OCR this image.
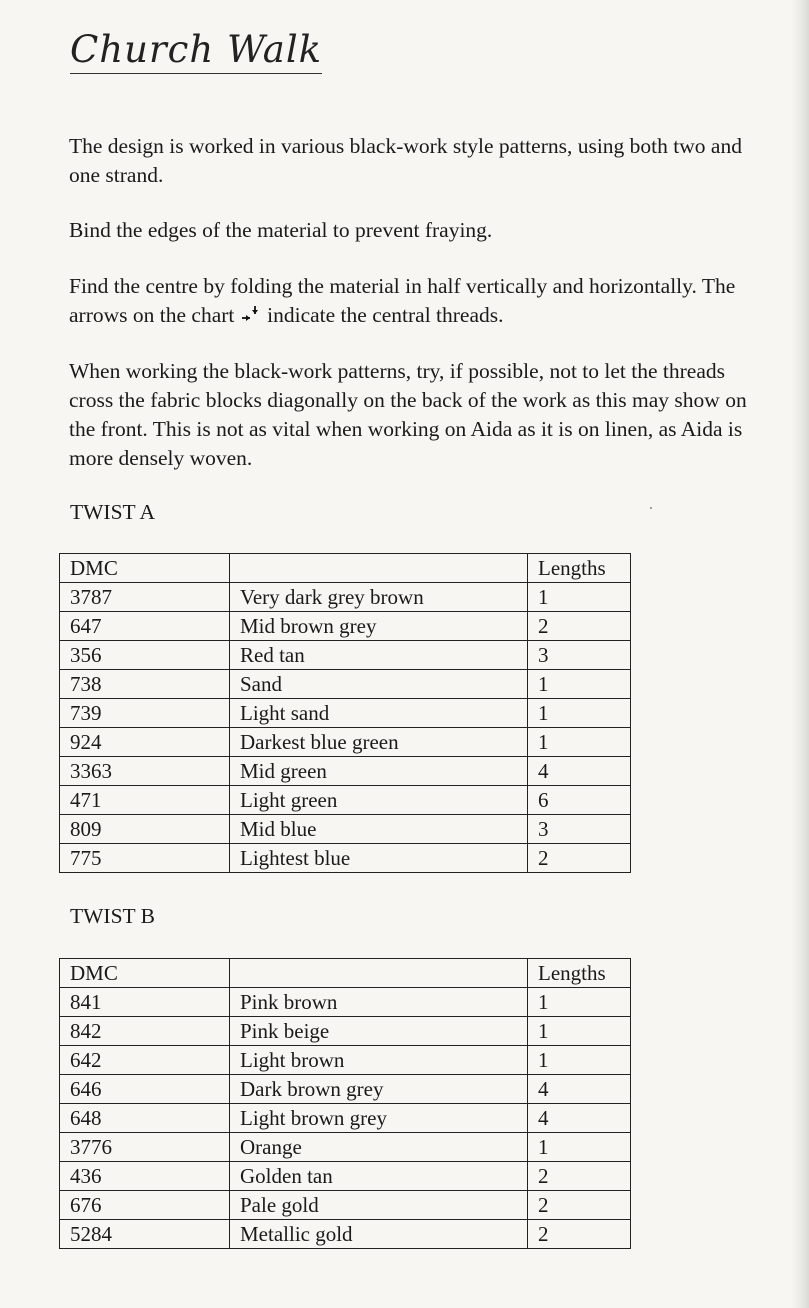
Church Walk

The design is worked in various black-work style patterns, using both two and one strand.

Bind the edges of the material to prevent fraying.

Find the centre by folding the material in half vertically and horizontally. The arrows on the chart indicate the central threads.

When working the black-work patterns, try, if possible, not to let the threads cross the fabric blocks diagonally on the back of the work as this may show on the front. This is not as vital when working on Aida as it is on linen, as Aida is more densely woven.

TWIST A
DMC		Lengths
3787	Very dark grey brown	1
647	Mid brown grey	2
356	Red tan	3
738	Sand	1
739	Light sand	1
924	Darkest blue green	1
3363	Mid green	4
471	Light green	6
809	Mid blue	3
775	Lightest blue	2
TWIST B
DMC		Lengths
841	Pink brown	1
842	Pink beige	1
642	Light brown	1
646	Dark brown grey	4
648	Light brown grey	4
3776	Orange	1
436	Golden tan	2
676	Pale gold	2
5284	Metallic gold	2
